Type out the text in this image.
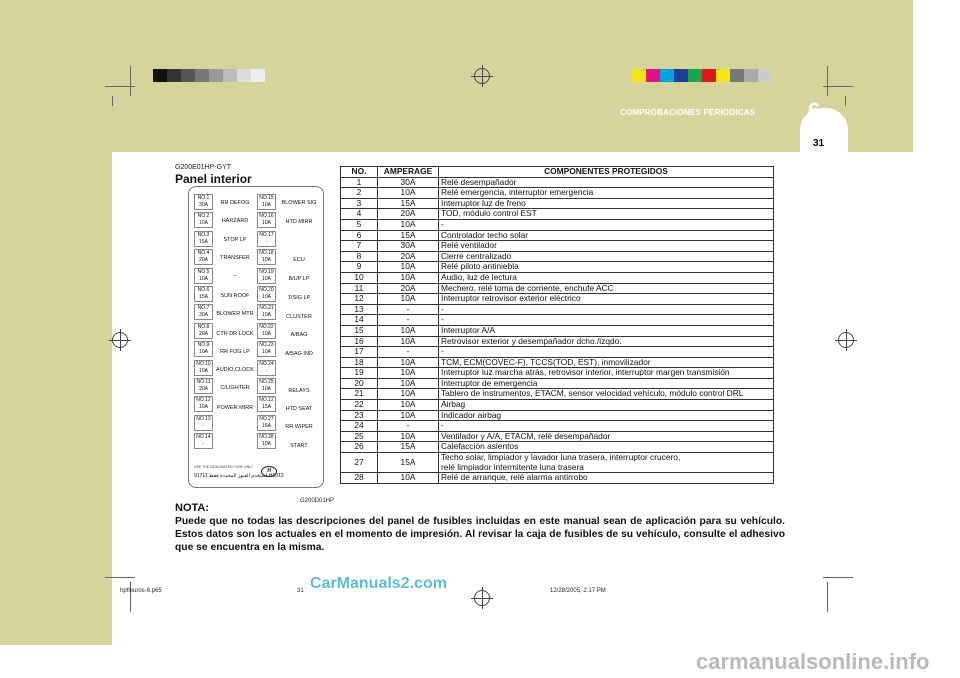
COMPROBACIONES PERIODICAS 6
31
G200E01HP-GYT
Panel interior
USE THE DESIGNATED FUSE ONLY
H
استخدم الفيوز المحددة فقط 91711-H1013
NO.1
30A
NO.2
10A
NO.3
15A
NO.4
20A
NO.5
10A
NO.6
15A
NO.7
30A
NO.8
20A
NO.9
10A
NO.10
10A
NO.11
20A
NO.12
10A
NO.13
-
NO.14
-
NO.15
10A
NO.16
10A
NO.17
-
NO.18
10A
NO.19
10A
NO.20
10A
NO.21
10A
NO.22
10A
NO.23
10A
NO.24
-
NO.25
10A
NO.12
15A
NO.27
15A
NO.28
10A
RR DEFOG
HARZARD
STOP LP
TRANSFER
–
SUN ROOF
BLOWER MTR
CTR DR LOCK
RR FOG LP
AUDIO,CLOCK
C/LIGHTER
POWER MIRR
BLOWER SIG
HTD MIRR
ECU
B/UP LP
T/SIG LP
CLUSTER
A/BAG
A/BAG IND
RELAYS
HTD SEAT
RR WIPER
START
G200D01HP
NO.	AMPERAGE	COMPONENTES PROTEGIDOS
1	30A	Relé desempañador
2	10A	Relé emergencia, interruptor emergencia
3	15A	Interruptor luz de freno
4	20A	TOD, módulo control EST
5	10A	-
6	15A	Controlador techo solar
7	30A	Relé ventilador
8	20A	Cierre centralizado
9	10A	Relé piloto antiniebla
10	10A	Audio, luz de lectura
11	20A	Mechero, relé toma de corriente, enchufe ACC
12	10A	Interruptor retrovisor exterior eléctrico
13	-	-
14	-	-
15	10A	Interruptor A/A
16	10A	Retrovisor exterior y desempañador dcho./izqdo.
17	-	-
18	10A	TCM, ECM(COVEC-F), TCCS(TOD, EST), inmovilizador
19	10A	Interruptor luz marcha atrás, retrovisor interior, interruptor margen transmisión
20	10A	Interruptor de emergencia
21	10A	Tablero de instrumentos, ETACM, sensor velocidad vehículo, módulo control DRL
22	10A	Airbag
23	10A	Indicador airbag
24	-	-
25	10A	Ventilador y A/A, ETACM, relé desempañador
26	15A	Calefacción asientos
27	15A	Techo solar, limpiador y lavador luna trasera, interruptor crucero,
relé limpiador intermitente luna trasera
28	10A	Relé de arranque, relé alarma antirrobo
NOTA:
Puede que no todas las descripciones del panel de fusibles incluidas en este manual sean de aplicación para su vehículo. Estos datos son los actuales en el momento de impresión. Al revisar la caja de fusibles de su vehículo, consulte el adhesivo que se encuentra en la misma.
hpfleuros-6.p65	31	12/28/2005, 2:17 PM
CarManuals2.com
carmanualsonline.info
